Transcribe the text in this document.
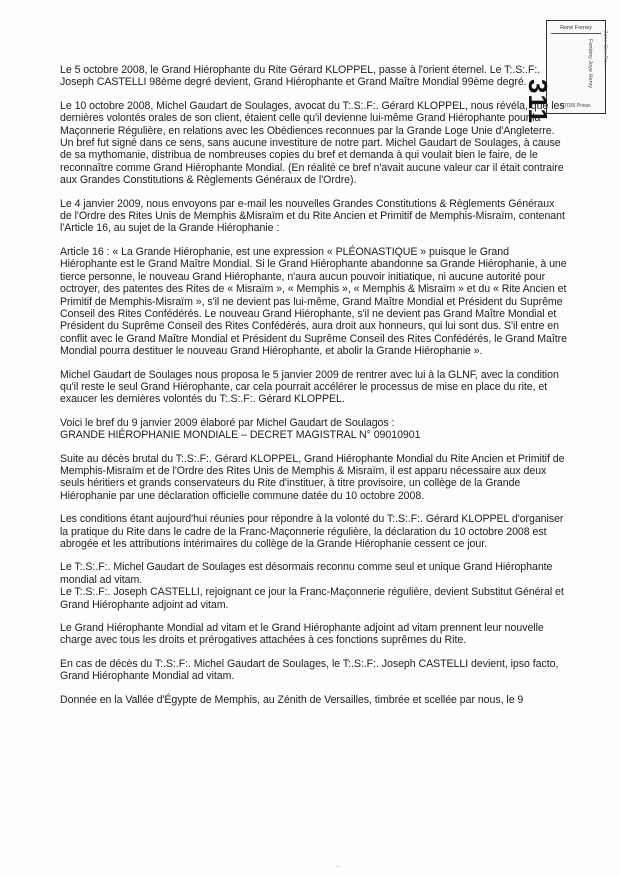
René Forney
311
Fonteny Joye Henry
07035 Privas
Zone Cne Ro...

Le 5 octobre 2008, le Grand Hiérophante du Rite Gérard KLOPPEL, passe à l'orient éternel. Le T:.S:.F:. Joseph CASTELLI 98ème degré devient, Grand Hiérophante et Grand Maître Mondial 99ème degré.

Le 10 octobre 2008, Michel Gaudart de Soulages, avocat du T:.S:.F:. Gérard KLOPPEL, nous révéla, que les dernières volontés orales de son client, étaient celle qu'il devienne lui-même Grand Hiérophante pour la Maçonnerie Régulière, en relations avec les Obédiences reconnues par la Grande Loge Unie d'Angleterre. Un bref fut signé dans ce sens, sans aucune investiture de notre part. Michel Gaudart de Soulages, à cause de sa mythomanie, distribua de nombreuses copies du bref et demanda à qui voulait bien le faire, de le reconnaître comme Grand Hiérophante Mondial. (En réalité ce bref n'avait aucune valeur car il était contraire aux Grandes Constitutions & Règlements Généraux de l'Ordre).

Le 4 janvier 2009, nous envoyons par e-mail les nouvelles Grandes Constitutions & Règlements Généraux de l'Ordre des Rites Unis de Memphis &Misraïm et du Rite Ancien et Primitif de Memphis-Misraïm, contenant l'Article 16, au sujet de la Grande Hiérophanie :

Article 16 : « La Grande Hiérophanie, est une expression « PLÉONASTIQUE » puisque le Grand Hiérophante est le Grand Maître Mondial. Si le Grand Hiérophante abandonne sa Grande Hiérophanie, à une tierce personne, le nouveau Grand Hiérophante, n'aura aucun pouvoir initiatique, ni aucune autorité pour octroyer, des patentes des Rites de « Misraïm », « Memphis », « Memphis & Misraïm » et du « Rite Ancien et Primitif de Memphis-Misraïm », s'il ne devient pas lui-même, Grand Maître Mondial et Président du Suprême Conseil des Rites Confédérés. Le nouveau Grand Hiérophante, s'il ne devient pas Grand Maître Mondial et Président du Suprême Conseil des Rites Confédérés, aura droit aux honneurs, qui lui sont dus. S'il entre en conflit avec le Grand Maître Mondial et Président du Suprême Conseil des Rites Confédérés, le Grand Maître Mondial pourra destituer le nouveau Grand Hiérophante, et abolir la Grande Hiérophanie ».

Michel Gaudart de Soulages nous proposa le 5 janvier 2009 de rentrer avec lui à la GLNF, avec la condition qu'il reste le seul Grand Hiérophante, car cela pourrait accélérer le processus de mise en place du rite, et exaucer les dernières volontés du T:.S:.F:. Gérard KLOPPEL.

Voici le bref du 9 janvier 2009 élaboré par Michel Gaudart de Soulagos :

GRANDE HIÉROPHANIE MONDIALE – DECRET MAGISTRAL N° 09010901

Suite au décès brutal du T:.S:.F:. Gérard KLOPPEL, Grand Hiérophante Mondial du Rite Ancien et Primitif de Memphis-Misraïm et de l'Ordre des Rites Unis de Memphis & Misraïm, il est apparu nécessaire aux deux seuls héritiers et grands conservateurs du Rite d'instituer, à titre provisoire, un collège de la Grande Hiérophanie par une déclaration officielle commune datée du 10 octobre 2008.

Les conditions étant aujourd'hui réunies pour répondre à la volonté du T:.S:.F:. Gérard KLOPPEL d'organiser la pratique du Rite dans le cadre de la Franc-Maçonnerie régulière, la déclaration du 10 octobre 2008 est abrogée et les attributions intérimaires du collège de la Grande Hiérophanie cessent ce jour.

Le T:.S:.F:. Michel Gaudart de Soulages est désormais reconnu comme seul et unique Grand Hiérophante mondial ad vitam.

Le T:.S:.F:. Joseph CASTELLI, rejoignant ce jour la Franc-Maçonnerie régulière, devient Substitut Général et Grand Hiérophante adjoint ad vitam.

Le Grand Hiérophante Mondial ad vitam et le Grand Hiérophante adjoint ad vitam prennent leur nouvelle charge avec tous les droits et prérogatives attachées à ces fonctions suprêmes du Rite.

En cas de décès du T:.S:.F:. Michel Gaudart de Soulages, le T:.S:.F:. Joseph CASTELLI devient, ipso facto, Grand Hiérophante Mondial ad vitam.

Donnée en la Vallée d'Égypte de Memphis, au Zénith de Versailles, timbrée et scellée par nous, le 9

··
